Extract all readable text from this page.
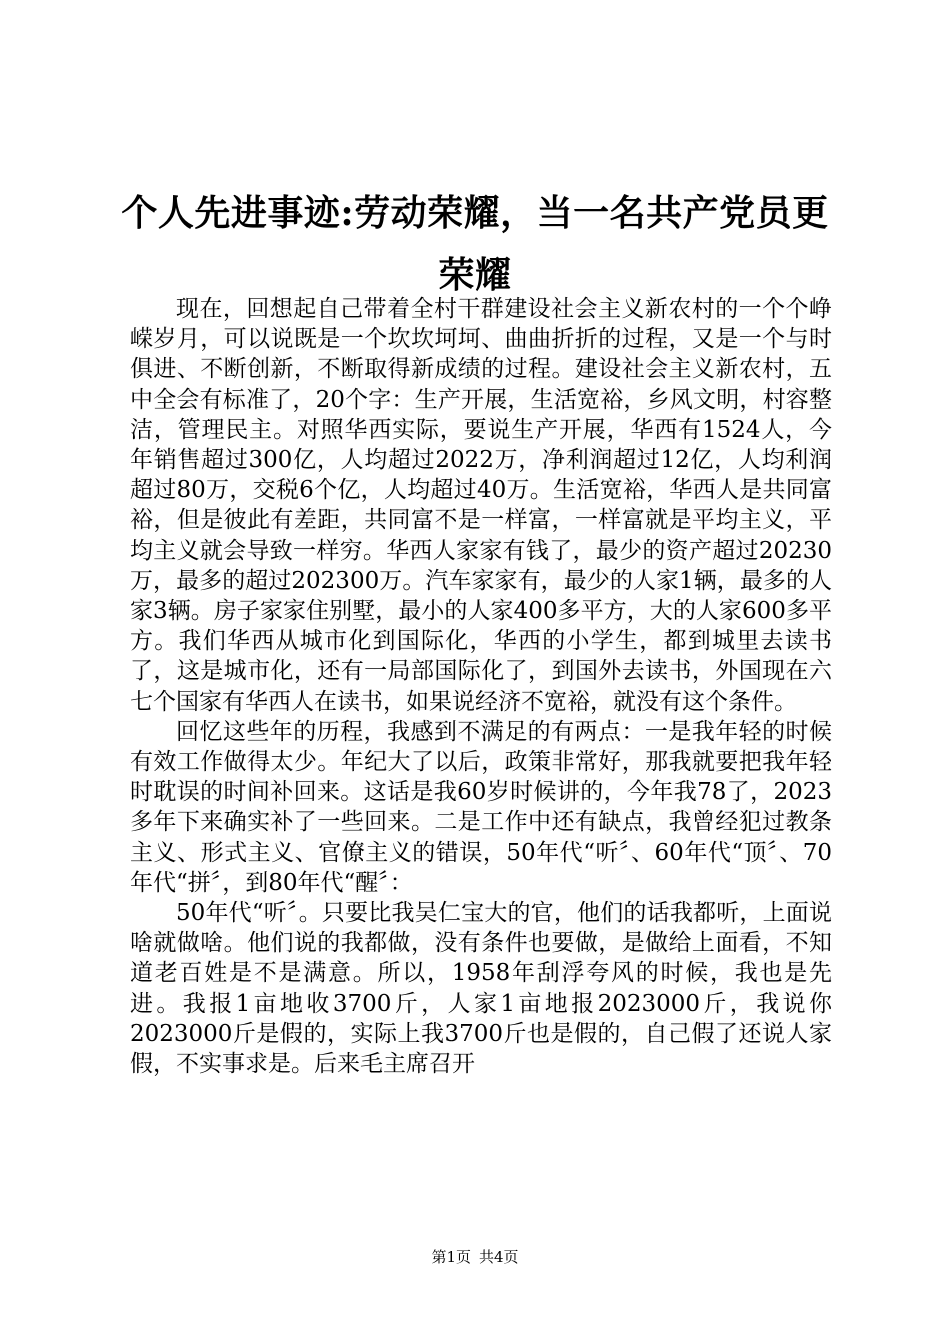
个人先进事迹:劳动荣耀，当一名共产党员更
荣耀

现在，回想起自己带着全村干群建设社会主义新农村的一个个峥嵘岁月，可以说既是一个坎坎坷坷、曲曲折折的过程，又是一个与时俱进、不断创新，不断取得新成绩的过程。建设社会主义新农村，五中全会有标准了，20个字：生产开展，生活宽裕，乡风文明，村容整洁，管理民主。对照华西实际，要说生产开展，华西有1524人，今年销售超过300亿，人均超过2022万，净利润超过12亿，人均利润超过80万，交税6个亿，人均超过40万。生活宽裕，华西人是共同富裕，但是彼此有差距，共同富不是一样富，一样富就是平均主义，平均主义就会导致一样穷。华西人家家有钱了，最少的资产超过20230万，最多的超过202300万。汽车家家有，最少的人家1辆，最多的人家3辆。房子家家住别墅，最小的人家400多平方，大的人家600多平方。我们华西从城市化到国际化，华西的小学生，都到城里去读书了，这是城市化，还有一局部国际化了，到国外去读书，外国现在六七个国家有华西人在读书，如果说经济不宽裕，就没有这个条件。

回忆这些年的历程，我感到不满足的有两点：一是我年轻的时候有效工作做得太少。年纪大了以后，政策非常好，那我就要把我年轻时耽误的时间补回来。这话是我60岁时候讲的，今年我78了，2023多年下来确实补了一些回来。二是工作中还有缺点，我曾经犯过教条主义、形式主义、官僚主义的错误，50年代“听〞、60年代“顶〞、70年代“拼〞，到80年代“醒〞：

50年代“听〞。只要比我吴仁宝大的官，他们的话我都听，上面说啥就做啥。他们说的我都做，没有条件也要做，是做给上面看，不知道老百姓是不是满意。所以，1958年刮浮夸风的时候，我也是先进。我报1亩地收3700斤，人家1亩地报2023000斤，我说你2023000斤是假的，实际上我3700斤也是假的，自己假了还说人家假，不实事求是。后来毛主席召开

第1页 共4页
